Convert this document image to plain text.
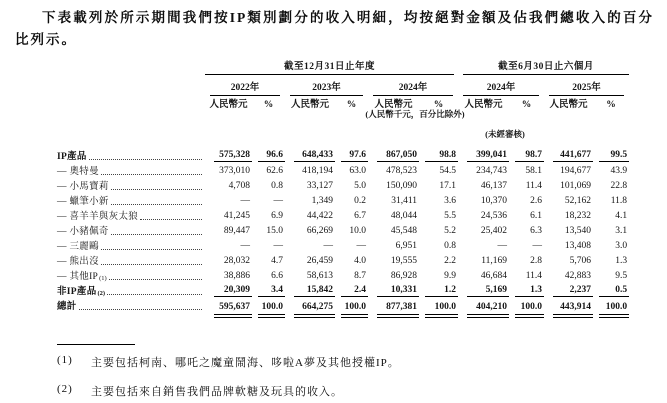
下表載列於所示期間我們按IP類別劃分的收入明細，均按絕對金額及佔我們總收入的百分比列示。

	截至12月31日止年度						截至6月30日止六個月			

	2022年		2023年		2024年		2024年		2025年	

	人民幣元	%	人民幣元	%	人民幣元	%	人民幣元	%	人民幣元	%

IP產品	575,328	96.6	648,433	97.6	867,050	98.8	399,041	98.7	441,677	99.5

— 奧特曼	373,010	62.6	418,194	63.0	478,523	54.5	234,743	58.1	194,677	43.9

— 小馬寶莉	4,708	0.8	33,127	5.0	150,090	17.1	46,137	11.4	101,069	22.8

— 蠟筆小新	—	—	1,349	0.2	31,411	3.6	10,370	2.6	52,162	11.8

— 喜羊羊與灰太狼	41,245	6.9	44,422	6.7	48,044	5.5	24,536	6.1	18,232	4.1

— 小豬佩奇	89,447	15.0	66,269	10.0	45,548	5.2	25,402	6.3	13,540	3.1

— 三麗鷗	—	—	—	—	6,951	0.8	—	—	13,408	3.0

— 熊出沒	28,032	4.7	26,459	4.0	19,555	2.2	11,169	2.8	5,706	1.3

— 其他$IP_{(1)}$	38,886	6.6	58,613	8.7	86,928	9.9	46,684	11.4	42,883	9.5

非IP產品$_{(2)}$	20,309	3.4	15,842	2.4	10,331	1.2	5,169	1.3	2,237	0.5

總計	595,637	100.0	664,275	100.0	877,381	100.0	404,210	100.0	443,914	100.0
(人民幣千元，百分比除外)
(未經審核)
(1)	主要包括柯南、哪吒之魔童鬧海、哆啦A夢及其他授權IP。
(2)	主要包括來自銷售我們品牌軟糖及玩具的收入。
